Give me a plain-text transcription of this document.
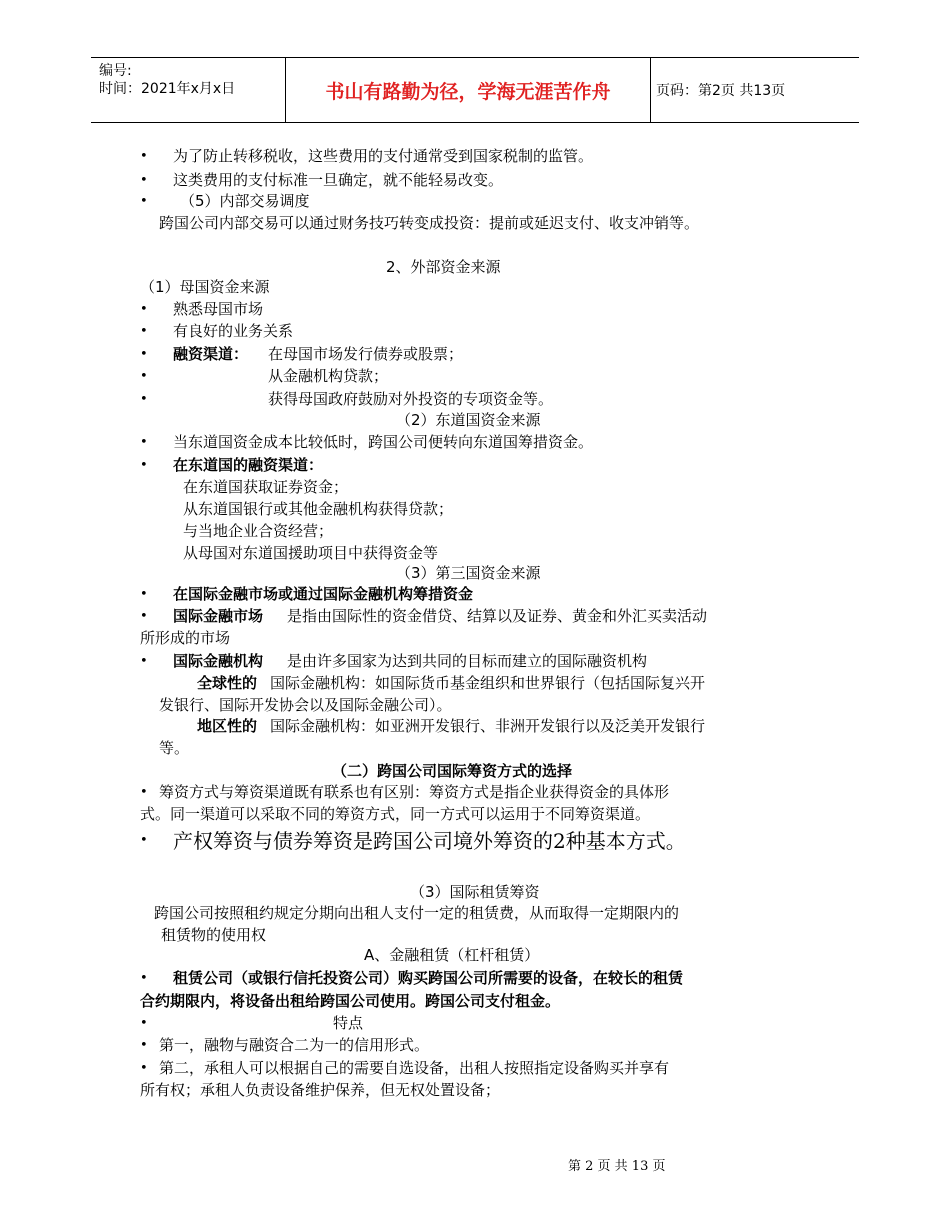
编号:
时间：2021年x月x日	书山有路勤为径，学海无涯苦作舟	页码：第2页 共13页
• 为了防止转移税收，这些费用的支付通常受到国家税制的监管。
• 这类费用的支付标准一旦确定，就不能轻易改变。
• （5）内部交易调度
跨国公司内部交易可以通过财务技巧转变成投资：提前或延迟支付、收支冲销等。
2、外部资金来源
（1）母国资金来源
• 熟悉母国市场
• 有良好的业务关系
• 融资渠道： 在母国市场发行债券或股票；
•	从金融机构贷款；
•	获得母国政府鼓励对外投资的专项资金等。
（2）东道国资金来源
• 当东道国资金成本比较低时，跨国公司便转向东道国筹措资金。
• 在东道国的融资渠道：
在东道国获取证券资金；
从东道国银行或其他金融机构获得贷款；
与当地企业合资经营；
从母国对东道国援助项目中获得资金等
（3）第三国资金来源
• 在国际金融市场或通过国际金融机构筹措资金
• 国际金融市场 是指由国际性的资金借贷、结算以及证券、黄金和外汇买卖活动
所形成的市场
• 国际金融机构 是由许多国家为达到共同的目标而建立的国际融资机构
全球性的 国际金融机构：如国际货币基金组织和世界银行（包括国际复兴开
发银行、国际开发协会以及国际金融公司）。
地区性的 国际金融机构：如亚洲开发银行、非洲开发银行以及泛美开发银行
等。
（二）跨国公司国际筹资方式的选择
• 筹资方式与筹资渠道既有联系也有区别：筹资方式是指企业获得资金的具体形
式。同一渠道可以采取不同的筹资方式，同一方式可以运用于不同筹资渠道。
• 产权筹资与债券筹资是跨国公司境外筹资的2种基本方式。
（3）国际租赁筹资
跨国公司按照租约规定分期向出租人支付一定的租赁费，从而取得一定期限内的
租赁物的使用权
A、金融租赁（杠杆租赁）
• 租赁公司（或银行信托投资公司）购买跨国公司所需要的设备，在较长的租赁
合约期限内，将设备出租给跨国公司使用。跨国公司支付租金。
•	特点
• 第一，融物与融资合二为一的信用形式。
• 第二，承租人可以根据自己的需要自选设备，出租人按照指定设备购买并享有
所有权；承租人负责设备维护保养，但无权处置设备；
第 2 页 共 13 页
